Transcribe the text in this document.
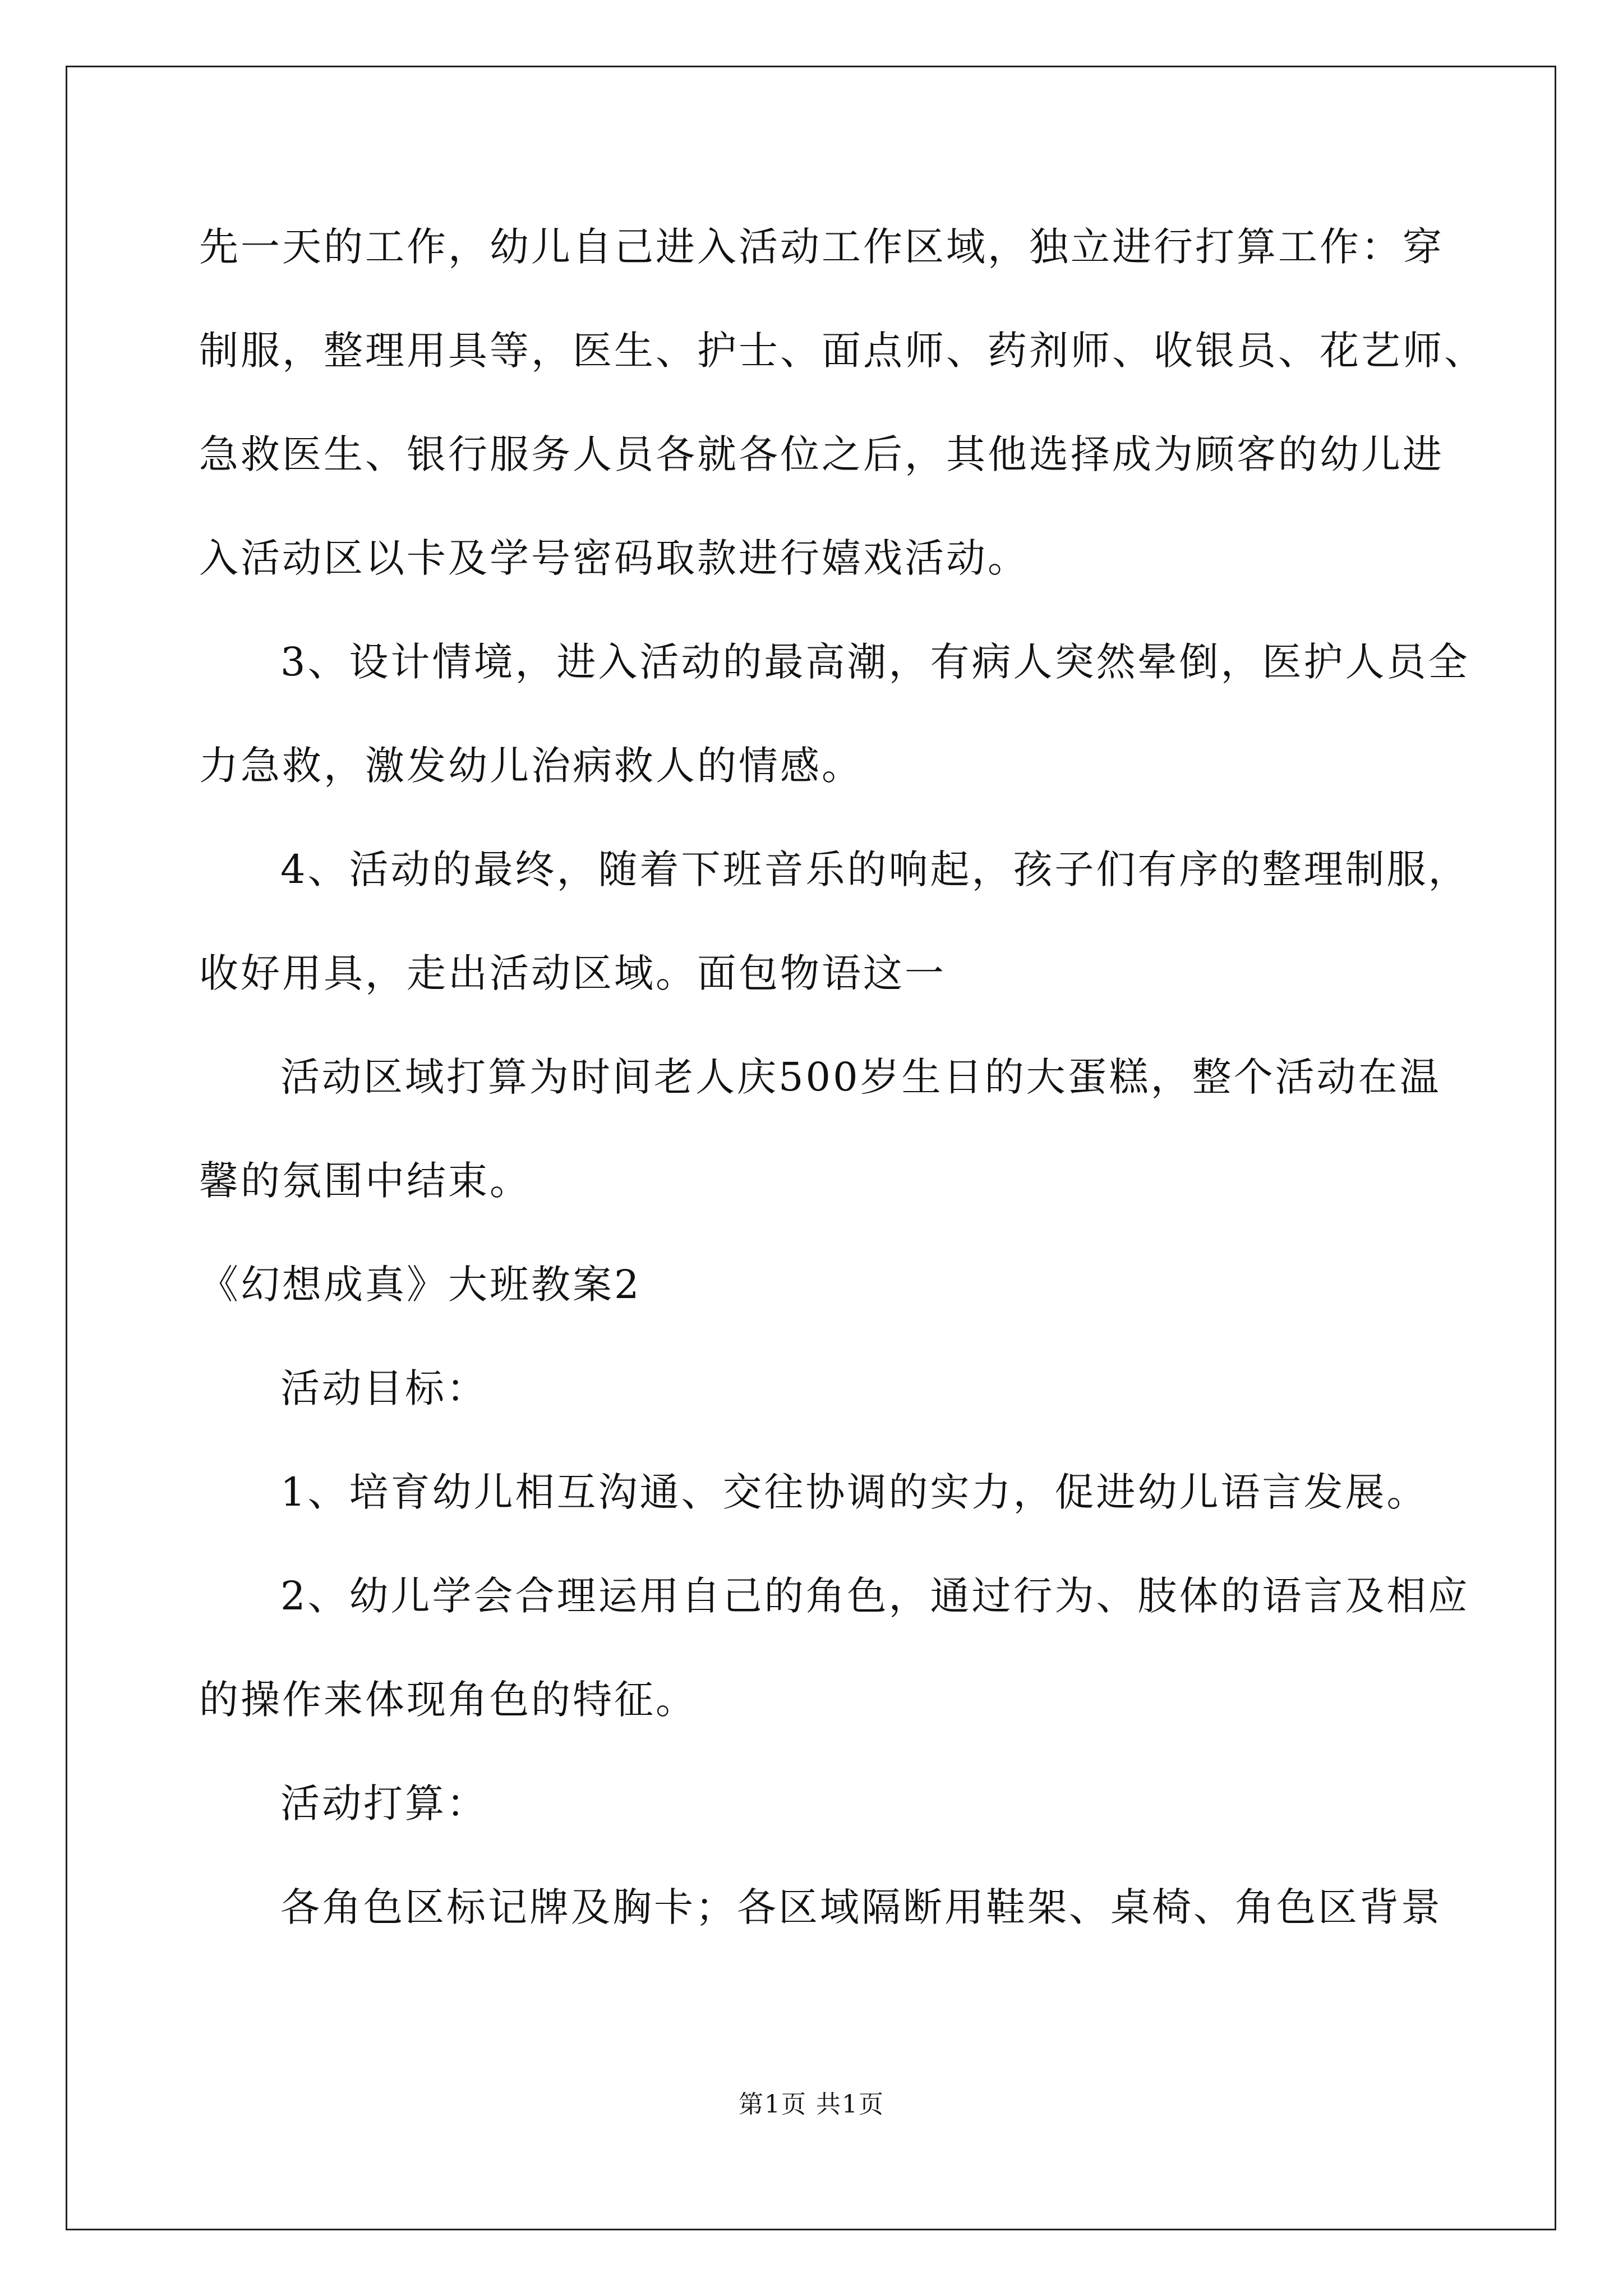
先一天的工作，幼儿自己进入活动工作区域，独立进行打算工作：穿
制服，整理用具等，医生、护士、面点师、药剂师、收银员、花艺师、
急救医生、银行服务人员各就各位之后，其他选择成为顾客的幼儿进
入活动区以卡及学号密码取款进行嬉戏活动。
3、设计情境，进入活动的最高潮，有病人突然晕倒，医护人员全
力急救，激发幼儿治病救人的情感。
4、活动的最终，随着下班音乐的响起，孩子们有序的整理制服，
收好用具，走出活动区域。面包物语这一
活动区域打算为时间老人庆500岁生日的大蛋糕，整个活动在温
馨的氛围中结束。
《幻想成真》大班教案2
活动目标：
1、培育幼儿相互沟通、交往协调的实力，促进幼儿语言发展。
2、幼儿学会合理运用自己的角色，通过行为、肢体的语言及相应
的操作来体现角色的特征。
活动打算：
各角色区标记牌及胸卡；各区域隔断用鞋架、桌椅、角色区背景
第1页 共1页
